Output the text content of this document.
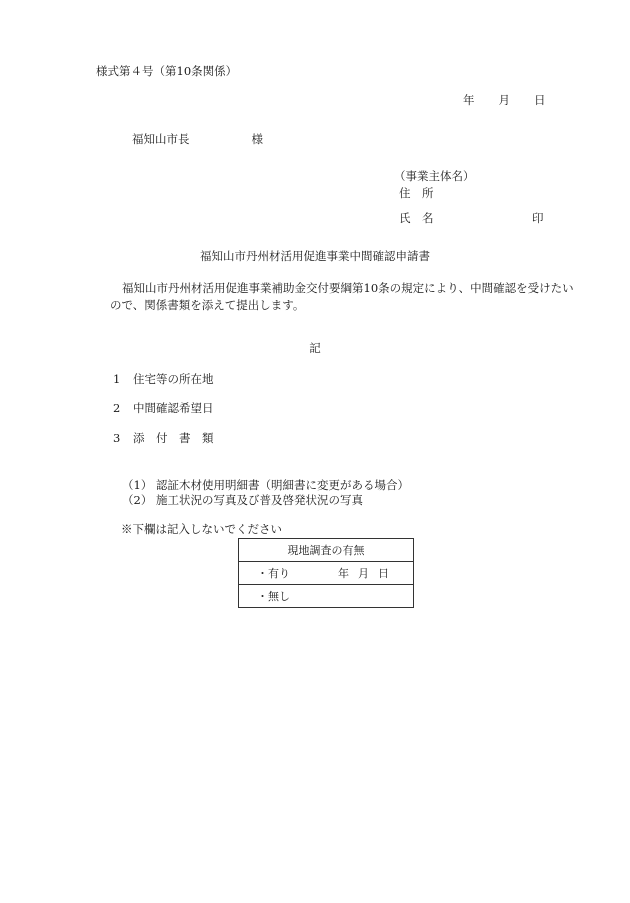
様式第４号（第10条関係）
年 月 日
福知山市長	様
（事業主体名）
住　所
氏　名	印
福知山市丹州材活用促進事業中間確認申請書
福知山市丹州材活用促進事業補助金交付要綱第10条の規定により、中間確認を受けたいので、関係書類を添えて提出します。
記
1 住宅等の所在地
2 中間確認希望日
3 添　付　書　類
（1） 認証木材使用明細書（明細書に変更がある場合）
（2） 施工状況の写真及び普及啓発状況の写真
※下欄は記入しないでください
現地調査の有無
・有り	年 月 日
・無し
